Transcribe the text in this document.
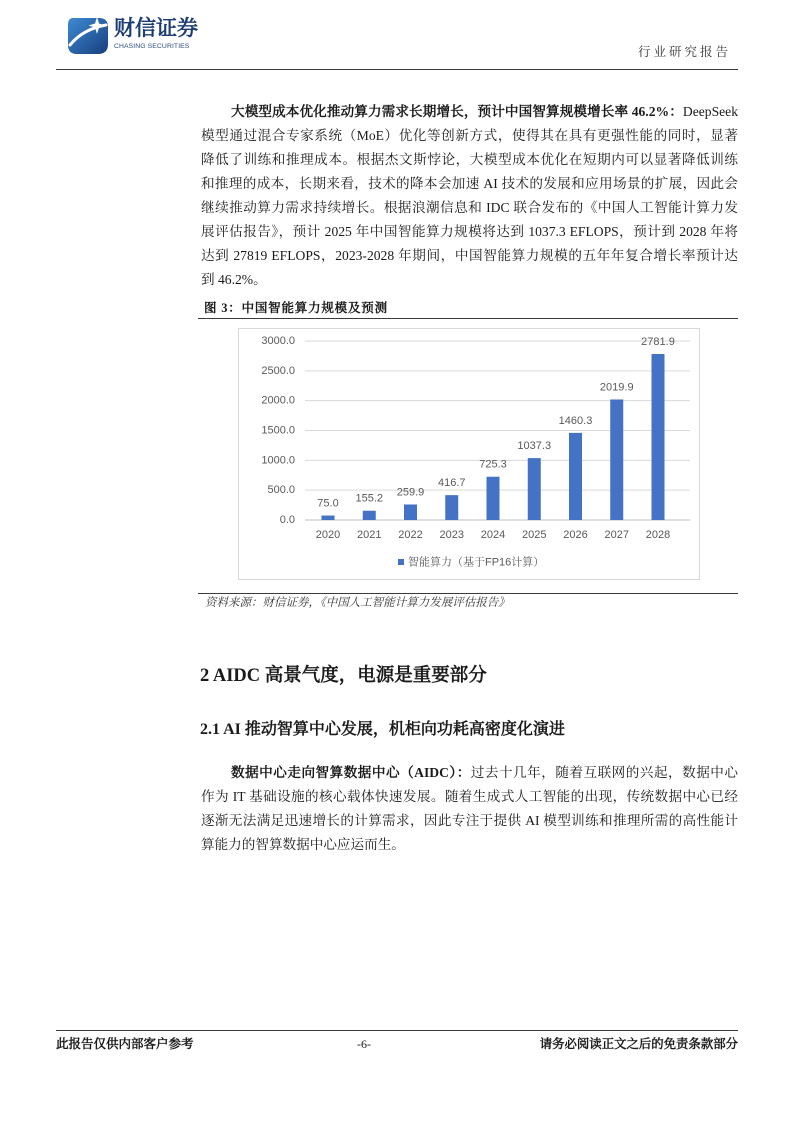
财信证券
CHASING SECURITIES	行业研究报告
大模型成本优化推动算力需求长期增长，预计中国智算规模增长率 46.2%：DeepSeek
模型通过混合专家系统（MoE）优化等创新方式，使得其在具有更强性能的同时，显著
降低了训练和推理成本。根据杰文斯悖论，大模型成本优化在短期内可以显著降低训练
和推理的成本，长期来看，技术的降本会加速 AI 技术的发展和应用场景的扩展，因此会
继续推动算力需求持续增长。根据浪潮信息和 IDC 联合发布的《中国人工智能计算力发
展评估报告》，预计 2025 年中国智能算力规模将达到 1037.3 EFLOPS，预计到 2028 年将
达到 27819 EFLOPS，2023-2028 年期间，中国智能算力规模的五年年复合增长率预计达
到 46.2%。
图 3：中国智能算力规模及预测
0.0
500.0
1000.0
1500.0
2000.0
2500.0
3000.0
75.0
2020
155.2
2021
259.9
2022
416.7
2023
725.3
2024
1037.3
2025
1460.3
2026
2019.9
2027
2781.9
2028
智能算力（基于FP16计算）
资料来源：财信证券，《中国人工智能计算力发展评估报告》
2 AIDC 高景气度，电源是重要部分
2.1 AI 推动智算中心发展，机柜向功耗高密度化演进
数据中心走向智算数据中心（AIDC）：过去十几年，随着互联网的兴起，数据中心
作为 IT 基础设施的核心载体快速发展。随着生成式人工智能的出现，传统数据中心已经
逐渐无法满足迅速增长的计算需求，因此专注于提供 AI 模型训练和推理所需的高性能计
算能力的智算数据中心应运而生。
此报告仅供内部客户参考	-6-	请务必阅读正文之后的免责条款部分
